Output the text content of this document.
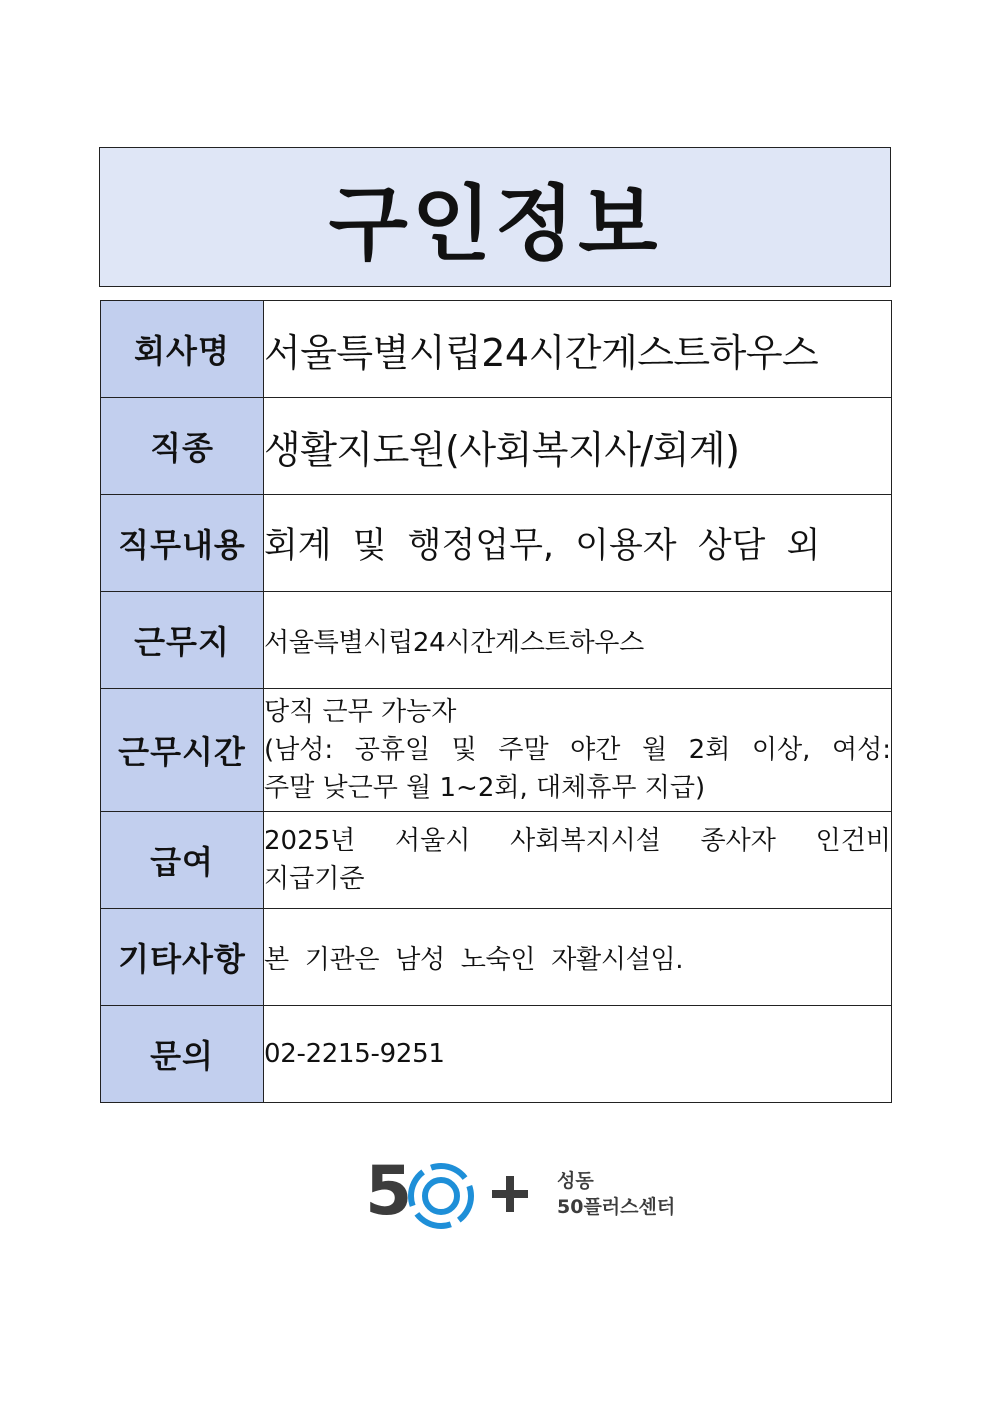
구인정보
회사명	서울특별시립24시간게스트하우스
직종	생활지도원(사회복지사/회계)
직무내용	회계 및 행정업무, 이용자 상담 외
근무지	서울특별시립24시간게스트하우스
근무시간	당직 근무 가능자
(남성: 공휴일 및 주말 야간 월 2회 이상, 여성:
주말 낮근무 월 1~2회, 대체휴무 지급)

급여	2025년 서울시 사회복지시설 종사자 인건비
지급기준

기타사항	본 기관은 남성 노숙인 자활시설임.
문의	02-2215-9251
5	성동
50플러스센터
